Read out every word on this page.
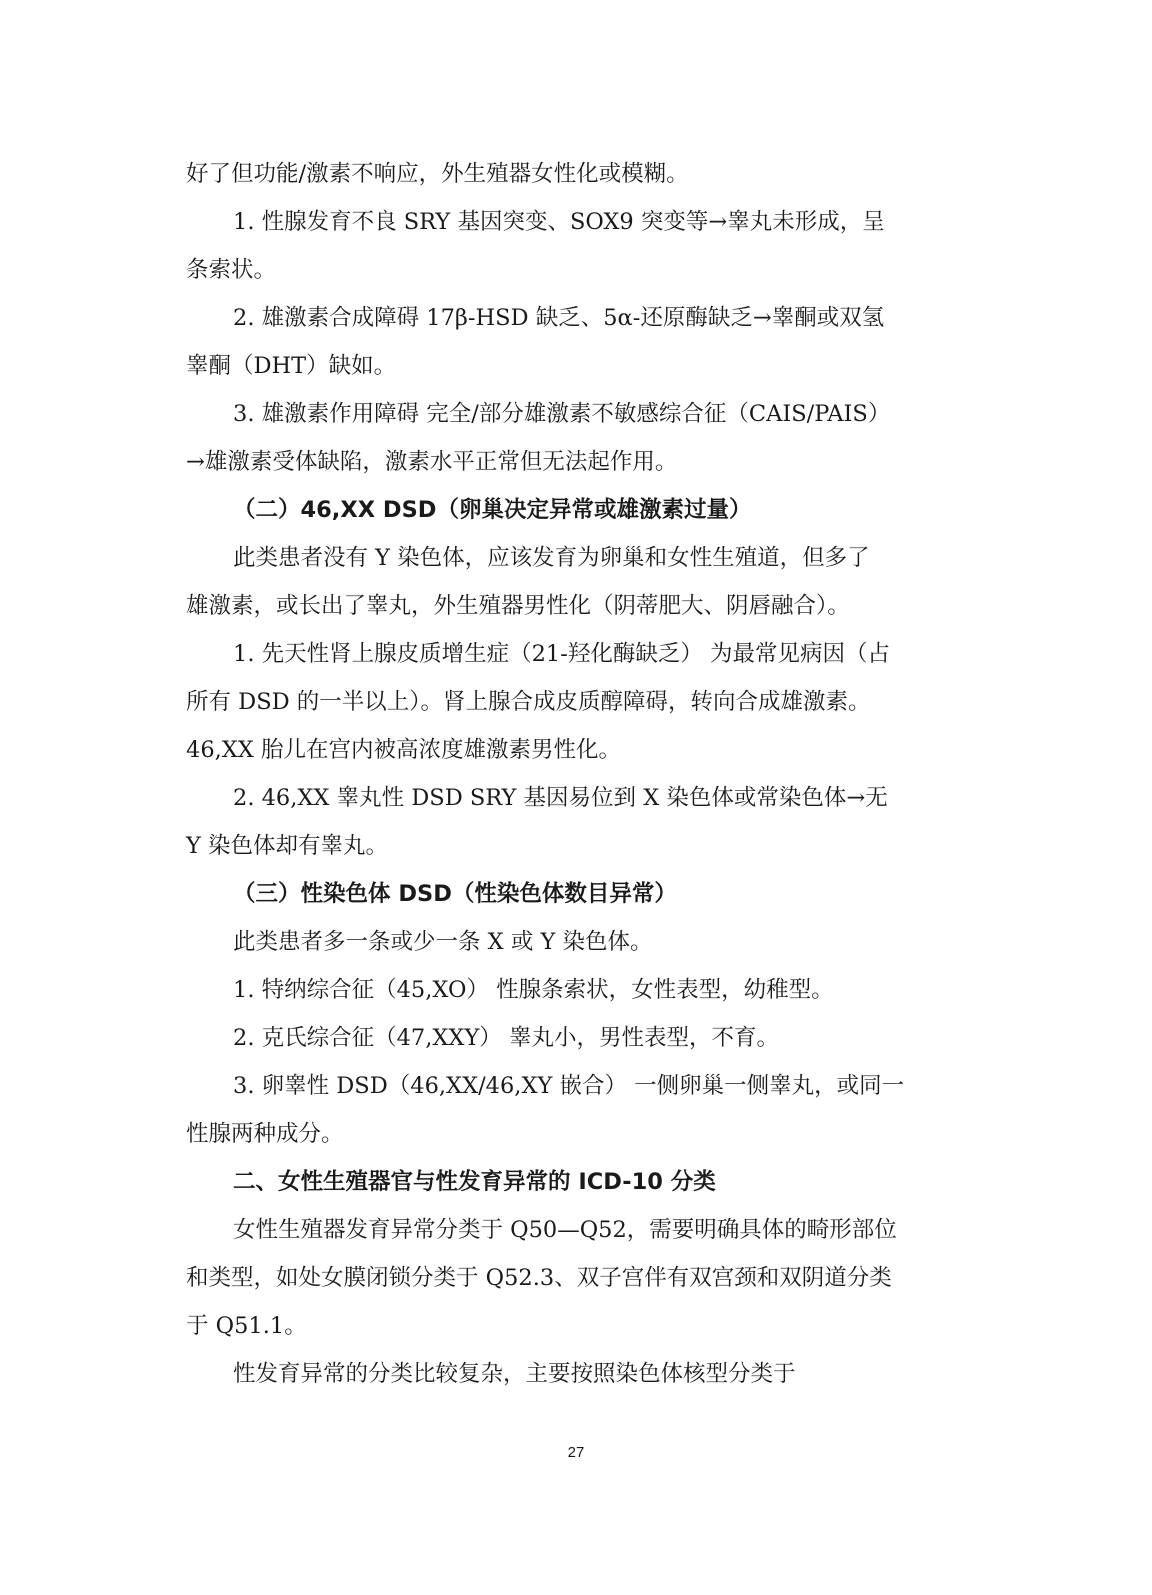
好了但功能/激素不响应，外生殖器女性化或模糊。

1. 性腺发育不良 SRY 基因突变、SOX9 突变等→睾丸未形成，呈

条索状。

2. 雄激素合成障碍 17β-HSD 缺乏、5α-还原酶缺乏→睾酮或双氢

睾酮（DHT）缺如。

3. 雄激素作用障碍 完全/部分雄激素不敏感综合征（CAIS/PAIS）

→雄激素受体缺陷，激素水平正常但无法起作用。

（二）46,XX DSD（卵巢决定异常或雄激素过量）

此类患者没有 Y 染色体，应该发育为卵巢和女性生殖道，但多了

雄激素，或长出了睾丸，外生殖器男性化（阴蒂肥大、阴唇融合）。

1. 先天性肾上腺皮质增生症（21-羟化酶缺乏） 为最常见病因（占

所有 DSD 的一半以上）。肾上腺合成皮质醇障碍，转向合成雄激素。

46,XX 胎儿在宫内被高浓度雄激素男性化。

2. 46,XX 睾丸性 DSD SRY 基因易位到 X 染色体或常染色体→无

Y 染色体却有睾丸。

（三）性染色体 DSD（性染色体数目异常）

此类患者多一条或少一条 X 或 Y 染色体。

1. 特纳综合征（45,XO） 性腺条索状，女性表型，幼稚型。

2. 克氏综合征（47,XXY） 睾丸小，男性表型，不育。

3. 卵睾性 DSD（46,XX/46,XY 嵌合） 一侧卵巢一侧睾丸，或同一

性腺两种成分。

二、女性生殖器官与性发育异常的 ICD-10 分类

女性生殖器发育异常分类于 Q50—Q52，需要明确具体的畸形部位

和类型，如处女膜闭锁分类于 Q52.3、双子宫伴有双宫颈和双阴道分类

于 Q51.1。

性发育异常的分类比较复杂，主要按照染色体核型分类于

27
